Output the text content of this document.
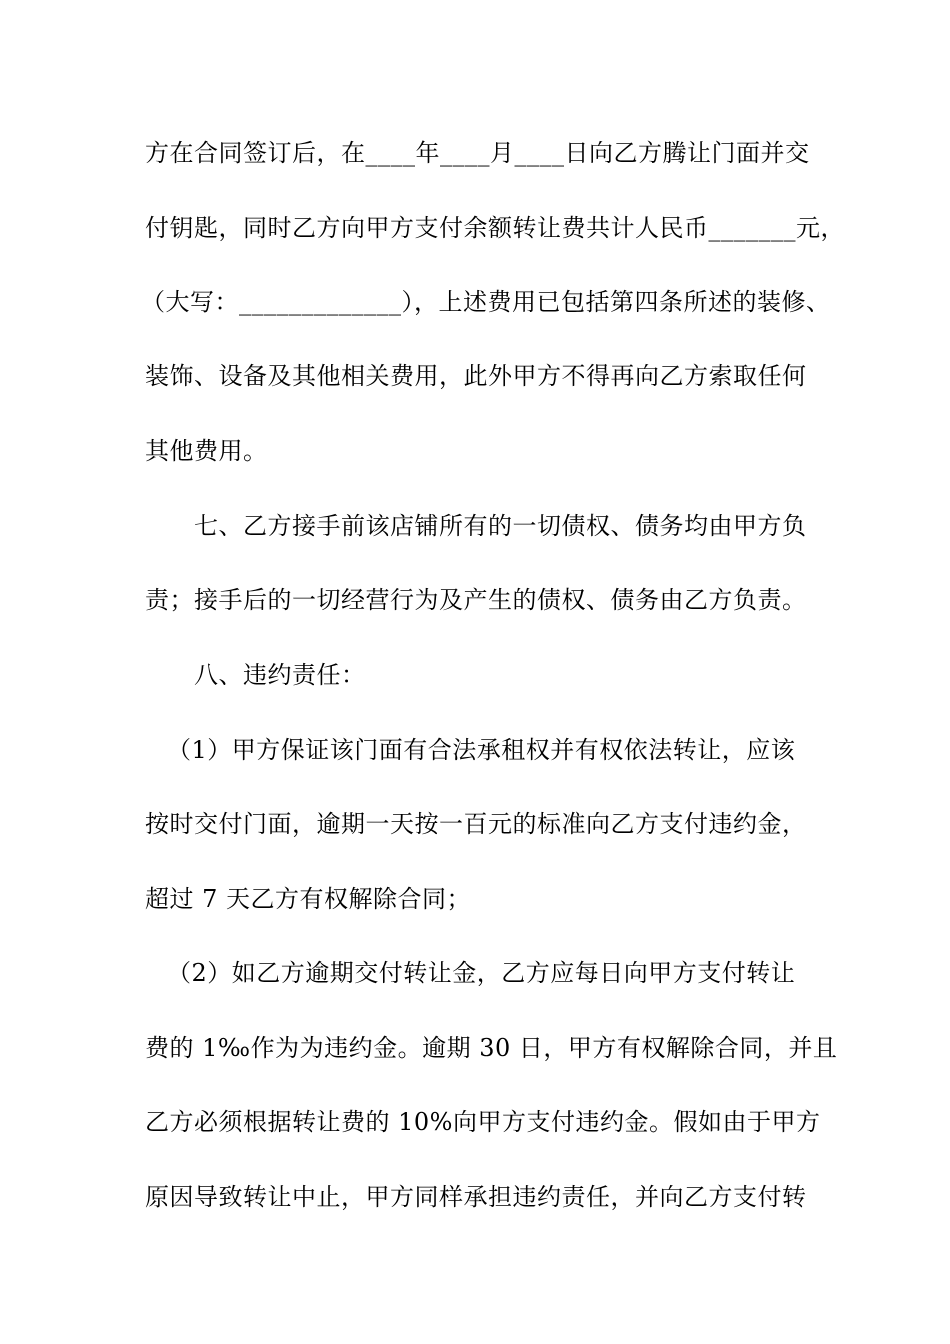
方在合同签订后，在____年____月____日向乙方腾让门面并交
付钥匙，同时乙方向甲方支付余额转让费共计人民币_______元，
（大写：_____________），上述费用已包括第四条所述的装修、
装饰、设备及其他相关费用，此外甲方不得再向乙方索取任何
其他费用。
七、乙方接手前该店铺所有的一切债权、债务均由甲方负
责；接手后的一切经营行为及产生的债权、债务由乙方负责。
八、违约责任：
（1）甲方保证该门面有合法承租权并有权依法转让，应该
按时交付门面，逾期一天按一百元的标准向乙方支付违约金，
超过 7 天乙方有权解除合同；
（2）如乙方逾期交付转让金，乙方应每日向甲方支付转让
费的 1‰作为为违约金。逾期 30 日，甲方有权解除合同，并且
乙方必须根据转让费的 10%向甲方支付违约金。假如由于甲方
原因导致转让中止，甲方同样承担违约责任，并向乙方支付转
